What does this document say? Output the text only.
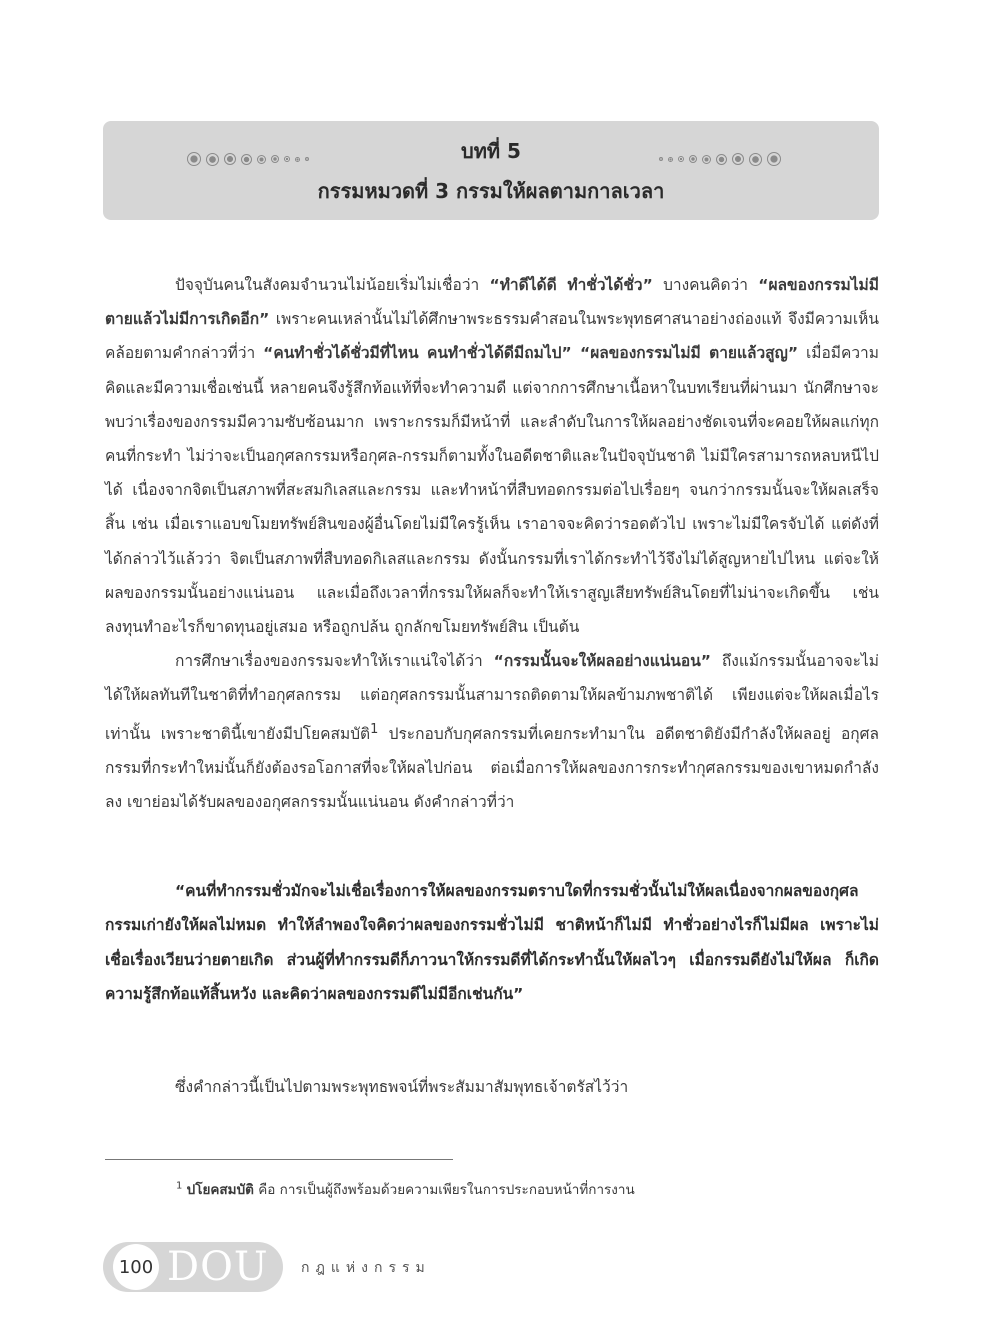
บทที่ 5
กรรมหมวดที่ 3 กรรมให้ผลตามกาลเวลา

ปัจจุบันคนในสังคมจำนวนไม่น้อยเริ่มไม่เชื่อว่า “ทำดีได้ดี ทำชั่วได้ชั่ว” บางคนคิดว่า “ผลของกรรมไม่มี ตายแล้วไม่มีการเกิดอีก” เพราะคนเหล่านั้นไม่ได้ศึกษาพระธรรมคำสอนในพระพุทธศาสนาอย่างถ่องแท้ จึงมีความเห็นคล้อยตามคำกล่าวที่ว่า “คนทำชั่วได้ชั่วมีที่ไหน คนทำชั่วได้ดีมีถมไป” “ผลของกรรมไม่มี ตายแล้วสูญ” เมื่อมีความคิดและมีความเชื่อเช่นนี้ หลายคนจึงรู้สึกท้อแท้ที่จะทำความดี แต่จากการศึกษาเนื้อหาในบทเรียนที่ผ่านมา นักศึกษาจะพบว่าเรื่องของกรรมมีความซับซ้อนมาก เพราะกรรมก็มีหน้าที่ และลำดับในการให้ผลอย่างชัดเจนที่จะคอยให้ผลแก่ทุกคนที่กระทำ ไม่ว่าจะเป็นอกุศลกรรมหรือกุศล-กรรมก็ตามทั้งในอดีตชาติและในปัจจุบันชาติ ไม่มีใครสามารถหลบหนีไปได้ เนื่องจากจิตเป็นสภาพที่สะสมกิเลสและกรรม และทำหน้าที่สืบทอดกรรมต่อไปเรื่อยๆ จนกว่ากรรมนั้นจะให้ผลเสร็จสิ้น เช่น เมื่อเราแอบขโมยทรัพย์สินของผู้อื่นโดยไม่มีใครรู้เห็น เราอาจจะคิดว่ารอดตัวไป เพราะไม่มีใครจับได้ แต่ดังที่ได้กล่าวไว้แล้วว่า จิตเป็นสภาพที่สืบทอดกิเลสและกรรม ดังนั้นกรรมที่เราได้กระทำไว้จึงไม่ได้สูญหายไปไหน แต่จะให้ผลของกรรมนั้นอย่างแน่นอน และเมื่อถึงเวลาที่กรรมให้ผลก็จะทำให้เราสูญเสียทรัพย์สินโดยที่ไม่น่าจะเกิดขึ้น เช่น ลงทุนทำอะไรก็ขาดทุนอยู่เสมอ หรือถูกปล้น ถูกลักขโมยทรัพย์สิน เป็นต้น

การศึกษาเรื่องของกรรมจะทำให้เราแน่ใจได้ว่า “กรรมนั้นจะให้ผลอย่างแน่นอน” ถึงแม้กรรมนั้นอาจจะไม่ได้ให้ผลทันทีในชาติที่ทำอกุศลกรรม แต่อกุศลกรรมนั้นสามารถติดตามให้ผลข้ามภพชาติได้ เพียงแต่จะให้ผลเมื่อไรเท่านั้น เพราะชาตินี้เขายังมีปโยคสมบัติ$^1$ ประกอบกับกุศลกรรมที่เคยกระทำมาใน อดีตชาติยังมีกำลังให้ผลอยู่ อกุศลกรรมที่กระทำใหม่นั้นก็ยังต้องรอโอกาสที่จะให้ผลไปก่อน ต่อเมื่อการให้ผลของการกระทำกุศลกรรมของเขาหมดกำลังลง เขาย่อมได้รับผลของอกุศลกรรมนั้นแน่นอน ดังคำกล่าวที่ว่า

“คนที่ทำกรรมชั่วมักจะไม่เชื่อเรื่องการให้ผลของกรรมตราบใดที่กรรมชั่วนั้นไม่ให้ผลเนื่องจากผลของกุศลกรรมเก่ายังให้ผลไม่หมด ทำให้ลำพองใจคิดว่าผลของกรรมชั่วไม่มี ชาติหน้าก็ไม่มี ทำชั่วอย่างไรก็ไม่มีผล เพราะไม่เชื่อเรื่องเวียนว่ายตายเกิด ส่วนผู้ที่ทำกรรมดีก็ภาวนาให้กรรมดีที่ได้กระทำนั้นให้ผลไวๆ เมื่อกรรมดียังไม่ให้ผล ก็เกิดความรู้สึกท้อแท้สิ้นหวัง และคิดว่าผลของกรรมดีไม่มีอีกเช่นกัน”
ซึ่งคำกล่าวนี้เป็นไปตามพระพุทธพจน์ที่พระสัมมาสัมพุทธเจ้าตรัสไว้ว่า
$^1$ ปโยคสมบัติ คือ การเป็นผู้ถึงพร้อมด้วยความเพียรในการประกอบหน้าที่การงาน
100 DOU กฎแห่งกรรม
